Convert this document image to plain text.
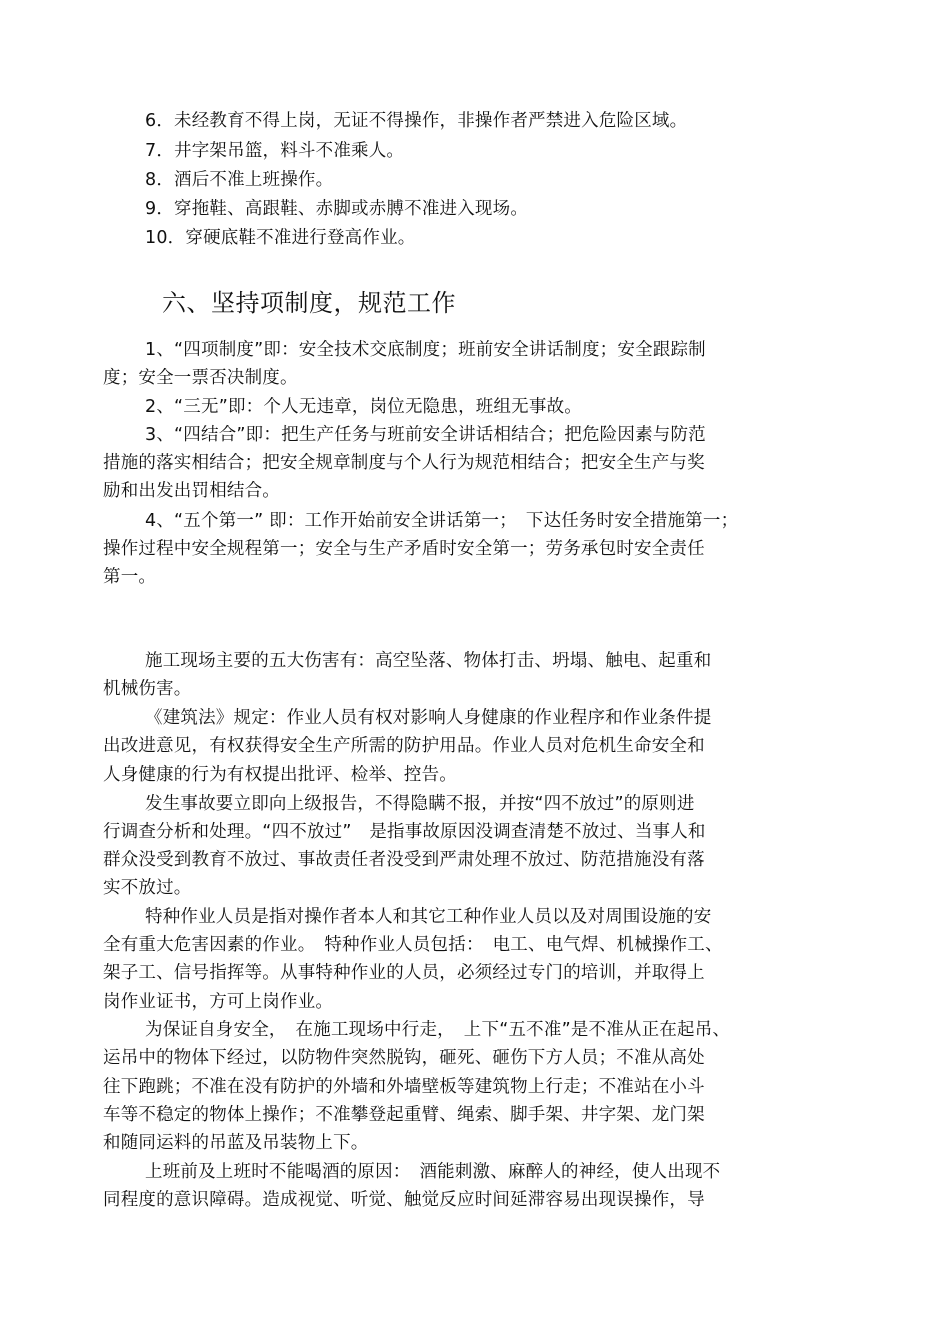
6．未经教育不得上岗，无证不得操作，非操作者严禁进入危险区域。
7．井字架吊篮，料斗不准乘人。
8．酒后不准上班操作。
9．穿拖鞋、高跟鞋、赤脚或赤膊不准进入现场。
10．穿硬底鞋不准进行登高作业。
六、坚持项制度，规范工作
1、“四项制度”即：安全技术交底制度；班前安全讲话制度；安全跟踪制
度；安全一票否决制度。
2、“三无”即：个人无违章，岗位无隐患，班组无事故。
3、“四结合”即：把生产任务与班前安全讲话相结合；把危险因素与防范
措施的落实相结合；把安全规章制度与个人行为规范相结合；把安全生产与奖
励和出发出罚相结合。
4、“五个第一” 即：工作开始前安全讲话第一；　下达任务时安全措施第一；
操作过程中安全规程第一；安全与生产矛盾时安全第一；劳务承包时安全责任
第一。
施工现场主要的五大伤害有：高空坠落、物体打击、坍塌、触电、起重和
机械伤害。
《建筑法》规定：作业人员有权对影响人身健康的作业程序和作业条件提
出改进意见，有权获得安全生产所需的防护用品。作业人员对危机生命安全和
人身健康的行为有权提出批评、检举、控告。
发生事故要立即向上级报告，不得隐瞒不报，并按“四不放过”的原则进
行调查分析和处理。“四不放过”　是指事故原因没调查清楚不放过、当事人和
群众没受到教育不放过、事故责任者没受到严肃处理不放过、防范措施没有落
实不放过。
特种作业人员是指对操作者本人和其它工种作业人员以及对周围设施的安
全有重大危害因素的作业。　特种作业人员包括：　电工、电气焊、机械操作工、
架子工、信号指挥等。从事特种作业的人员，必须经过专门的培训，并取得上
岗作业证书，方可上岗作业。
为保证自身安全，　在施工现场中行走，　上下“五不准”是不准从正在起吊、
运吊中的物体下经过，以防物件突然脱钩，砸死、砸伤下方人员；不准从高处
往下跑跳；不准在没有防护的外墙和外墙壁板等建筑物上行走；不准站在小斗
车等不稳定的物体上操作；不准攀登起重臂、绳索、脚手架、井字架、龙门架
和随同运料的吊蓝及吊装物上下。
上班前及上班时不能喝酒的原因：　酒能刺激、麻醉人的神经，使人出现不
同程度的意识障碍。造成视觉、听觉、触觉反应时间延滞容易出现误操作，导
